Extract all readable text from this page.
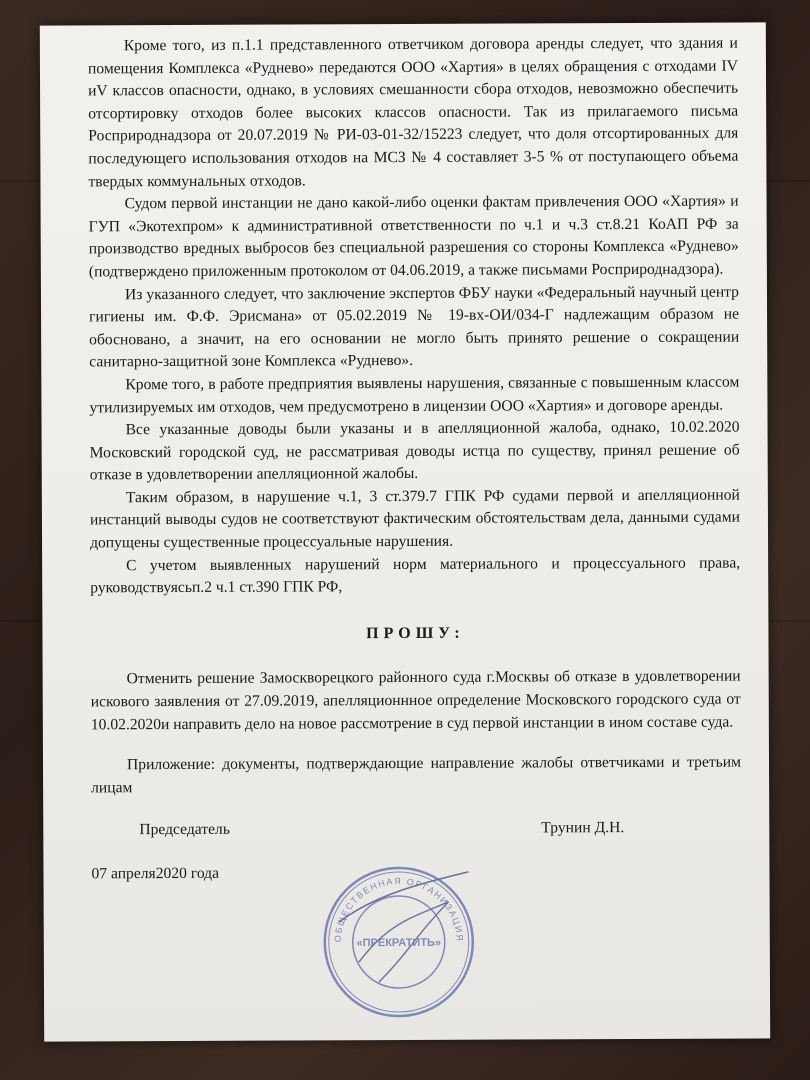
Кроме того, из п.1.1 представленного ответчиком договора аренды следует, что здания и помещения Комплекса «Руднево» передаются ООО «Хартия» в целях обращения с отходами IV иV классов опасности, однако, в условиях смешанности сбора отходов, невозможно обеспечить отсортировку отходов более высоких классов опасности. Так из прилагаемого письма Росприроднадзора от 20.07.2019 № РИ-03-01-32/15223 следует, что доля отсортированных для последующего использования отходов на МСЗ № 4 составляет 3-5 % от поступающего объема твердых коммунальных отходов.

Судом первой инстанции не дано какой-либо оценки фактам привлечения ООО «Хартия» и ГУП «Экотехпром» к административной ответственности по ч.1 и ч.3 ст.8.21 КоАП РФ за производство вредных выбросов без специальной разрешения со стороны Комплекса «Руднево» (подтверждено приложенным протоколом от 04.06.2019, а также письмами Росприроднадзора).

Из указанного следует, что заключение экспертов ФБУ науки «Федеральный научный центр гигиены им. Ф.Ф. Эрисмана» от 05.02.2019 № 19-вх-ОИ/034-Г надлежащим образом не обосновано, а значит, на его основании не могло быть принято решение о сокращении санитарно-защитной зоне Комплекса «Руднево».

Кроме того, в работе предприятия выявлены нарушения, связанные с повышенным классом утилизируемых им отходов, чем предусмотрено в лицензии ООО «Хартия» и договоре аренды.

Все указанные доводы были указаны и в апелляционной жалоба, однако, 10.02.2020 Московский городской суд, не рассматривая доводы истца по существу, принял решение об отказе в удовлетворении апелляционной жалобы.

Таким образом, в нарушение ч.1, 3 ст.379.7 ГПК РФ судами первой и апелляционной инстанций выводы судов не соответствуют фактическим обстоятельствам дела, данными судами допущены существенные процессуальные нарушения.

С учетом выявленных нарушений норм материального и процессуального права, руководствуясьп.2 ч.1 ст.390 ГПК РФ,

ПРОШУ:

Отменить решение Замоскворецкого районного суда г.Москвы об отказе в удовлетворении искового заявления от 27.09.2019, апелляционнное определение Московского городского суда от 10.02.2020и направить дело на новое рассмотрение в суд первой инстанции в ином составе суда.

Приложение: документы, подтверждающие направление жалобы ответчиками и третьим лицам

Председатель	Трунин Д.Н.

07 апреля2020 года

ОБЩЕСТВЕННАЯ ОРГАНИЗАЦИЯ
«ПРЕКРАТИТЬ»
